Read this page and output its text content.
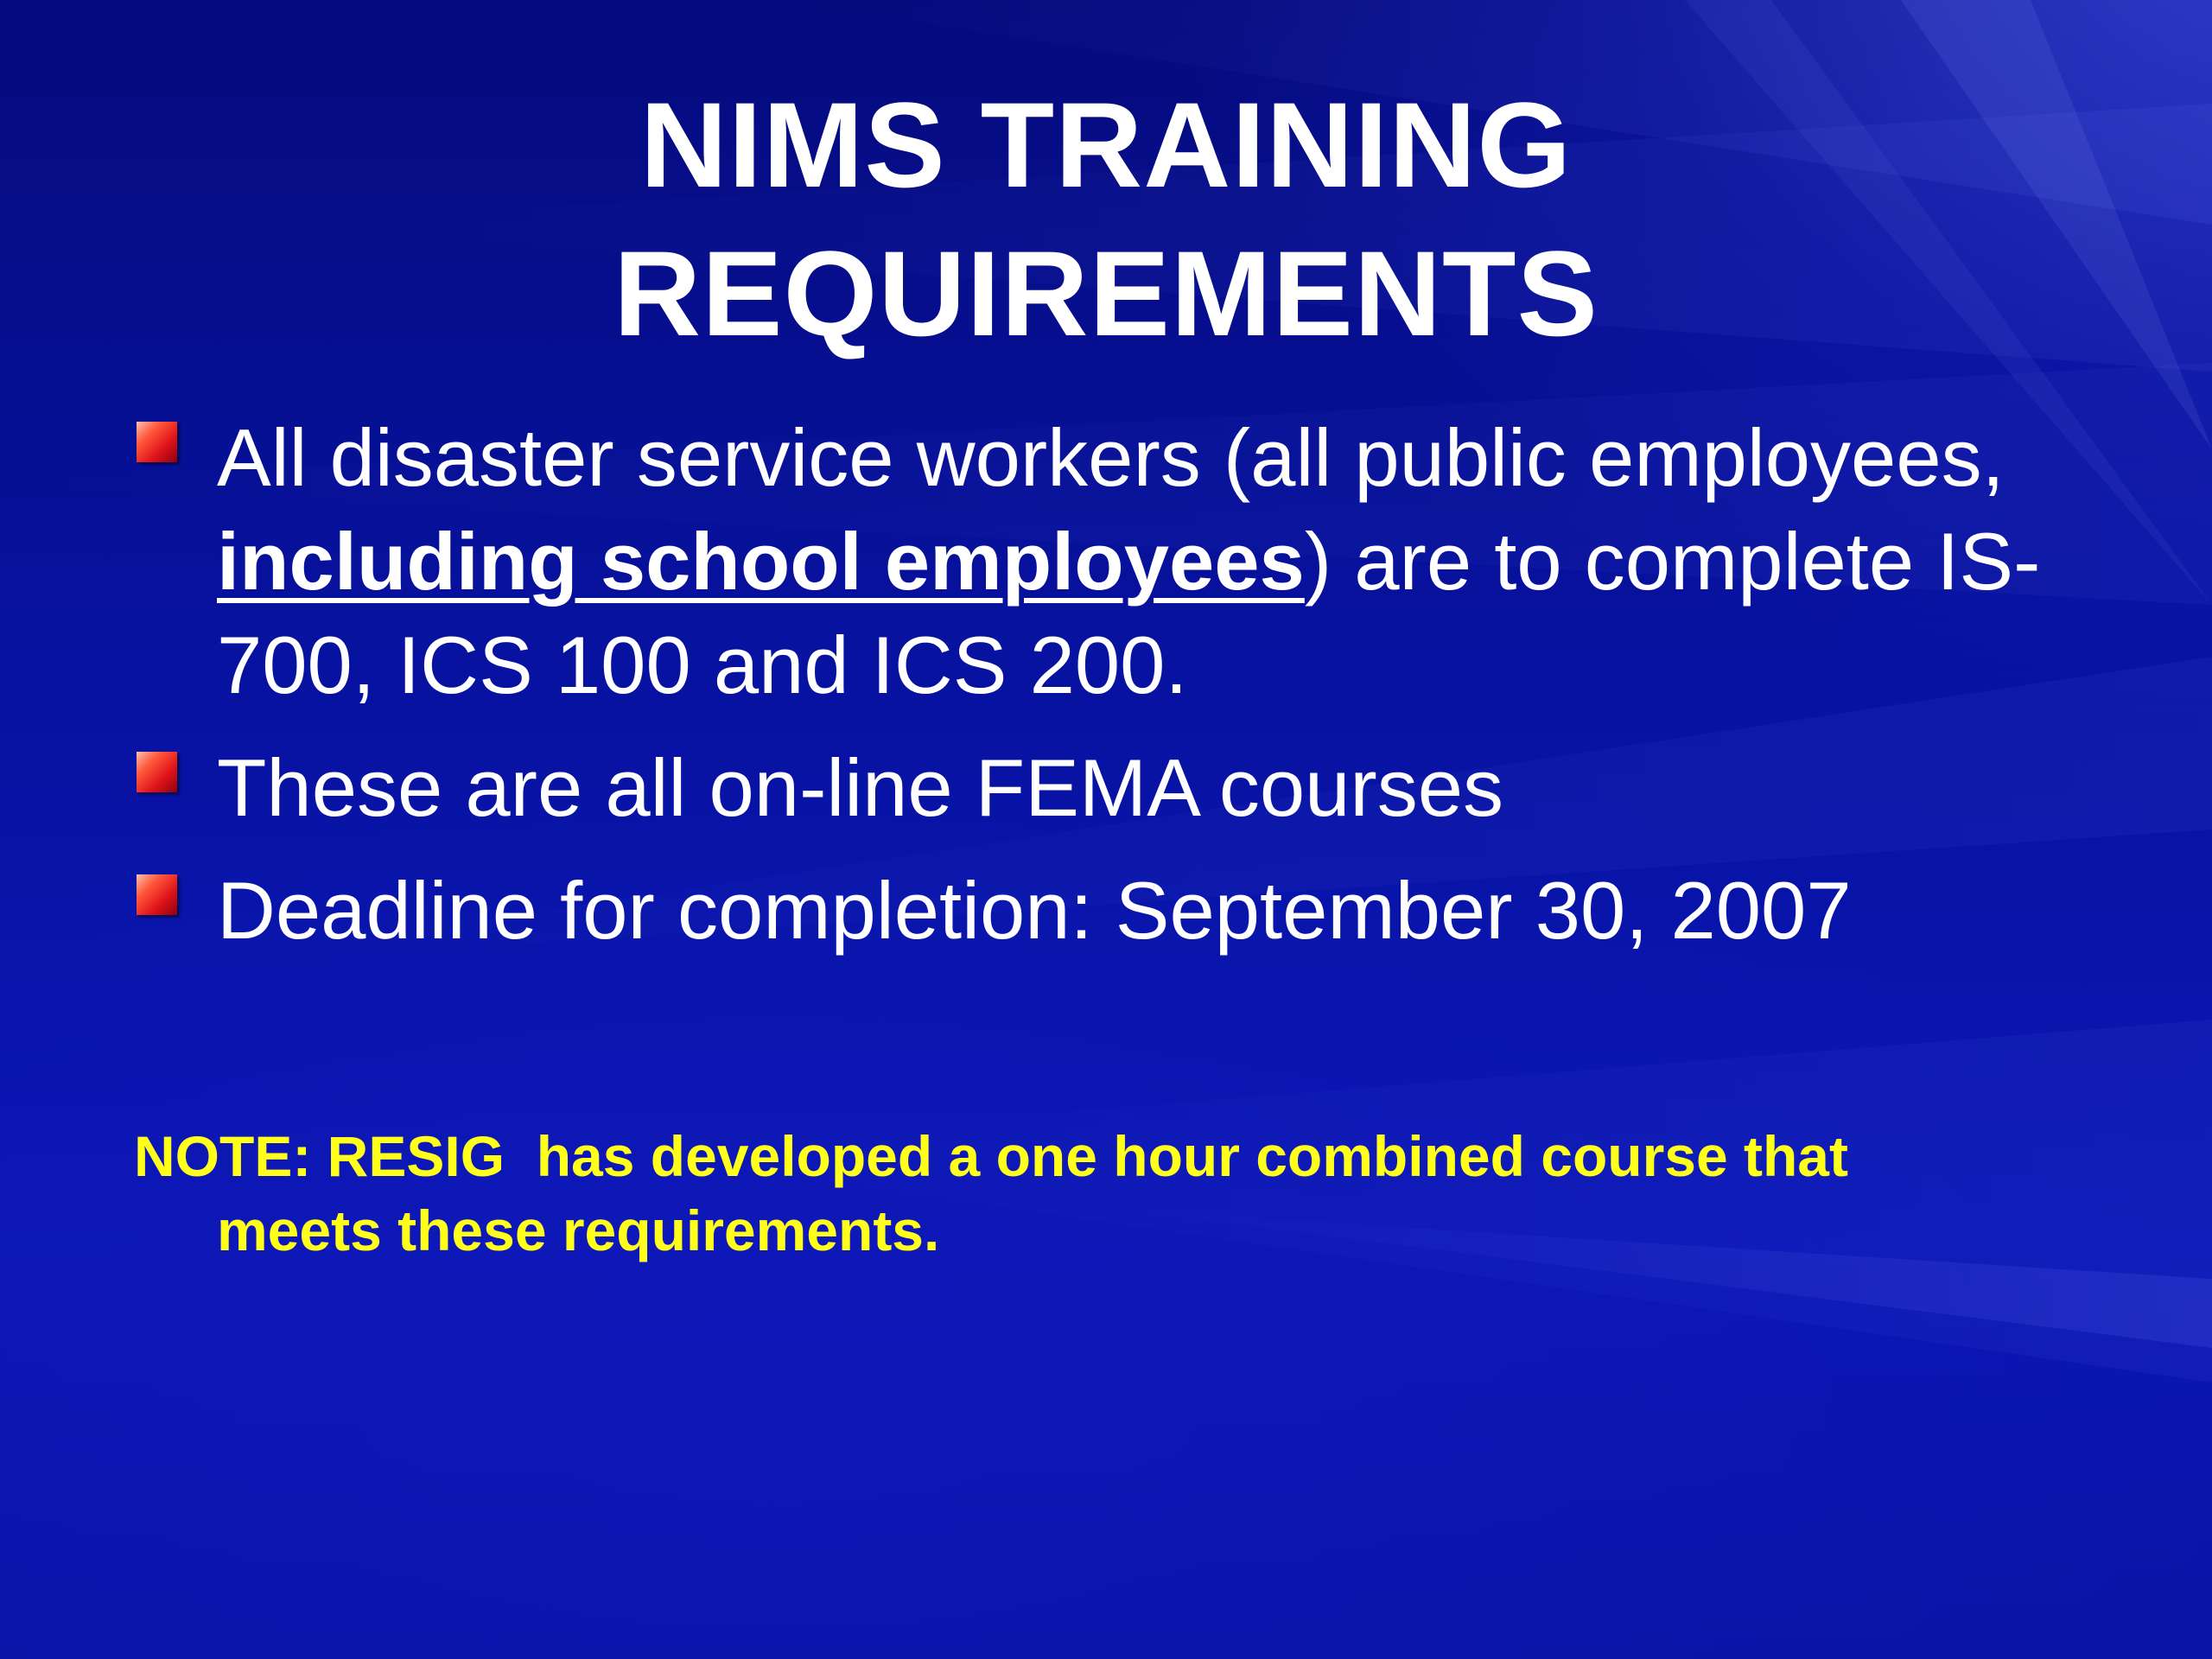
NIMS TRAINING
REQUIREMENTS
All disaster service workers (all public employees, including school employees) are to complete IS-700, ICS 100 and ICS 200.
These are all on-line FEMA courses
Deadline for completion: September 30, 2007
NOTE: RESIG  has developed a one hour combined course that
meets these requirements.
